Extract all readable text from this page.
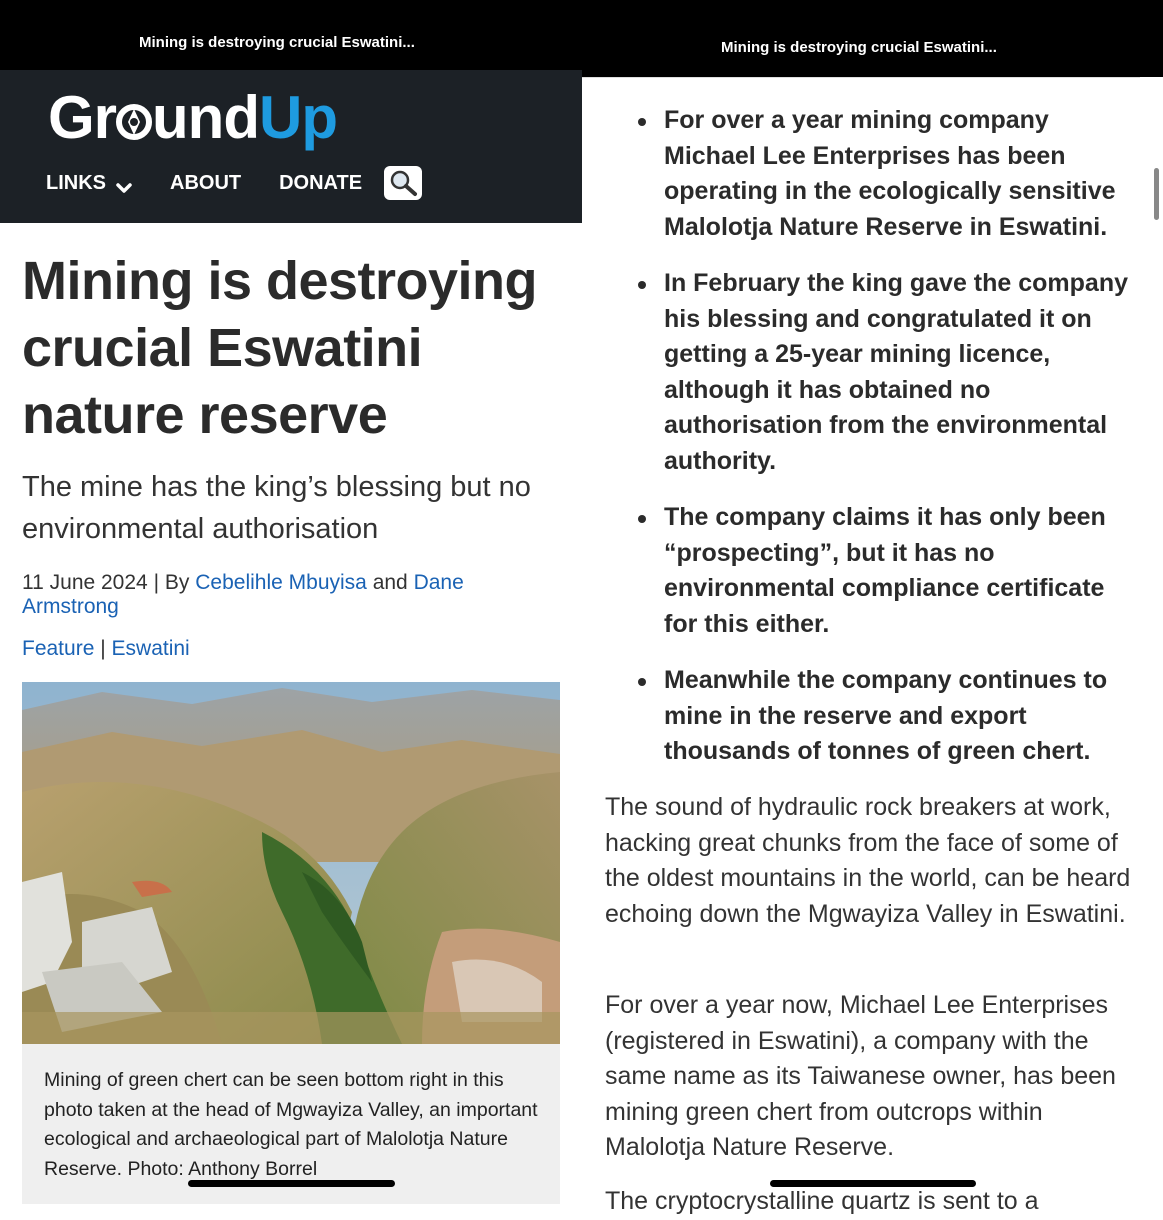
Mining is destroying crucial Eswatini...
Gr undUp
LINKS	ABOUT DONATE
Mining is destroying crucial Eswatini nature reserve
The mine has the king’s blessing but no environmental authorisation
11 June 2024 | By Cebelihle Mbuyisa and Dane Armstrong
Feature | Eswatini

Mining of green chert can be seen bottom right in this photo taken at the head of Mgwayiza Valley, an important ecological and archaeological part of Malolotja Nature Reserve. Photo: Anthony Borrel

Mining is destroying crucial Eswatini...
For over a year mining company Michael Lee Enterprises has been operating in the ecologically sensitive Malolotja Nature Reserve in Eswatini.
In February the king gave the company his blessing and congratulated it on getting a 25-year mining licence, although it has obtained no authorisation from the environmental authority.
The company claims it has only been “prospecting”, but it has no environmental compliance certificate for this either.
Meanwhile the company continues to mine in the reserve and export thousands of tonnes of green chert.

The sound of hydraulic rock breakers at work, hacking great chunks from the face of some of the oldest mountains in the world, can be heard echoing down the Mgwayiza Valley in Eswatini.

For over a year now, Michael Lee Enterprises (registered in Eswatini), a company with the same name as its Taiwanese owner, has been mining green chert from outcrops within Malolotja Nature Reserve.

The cryptocrystalline quartz is sent to a
